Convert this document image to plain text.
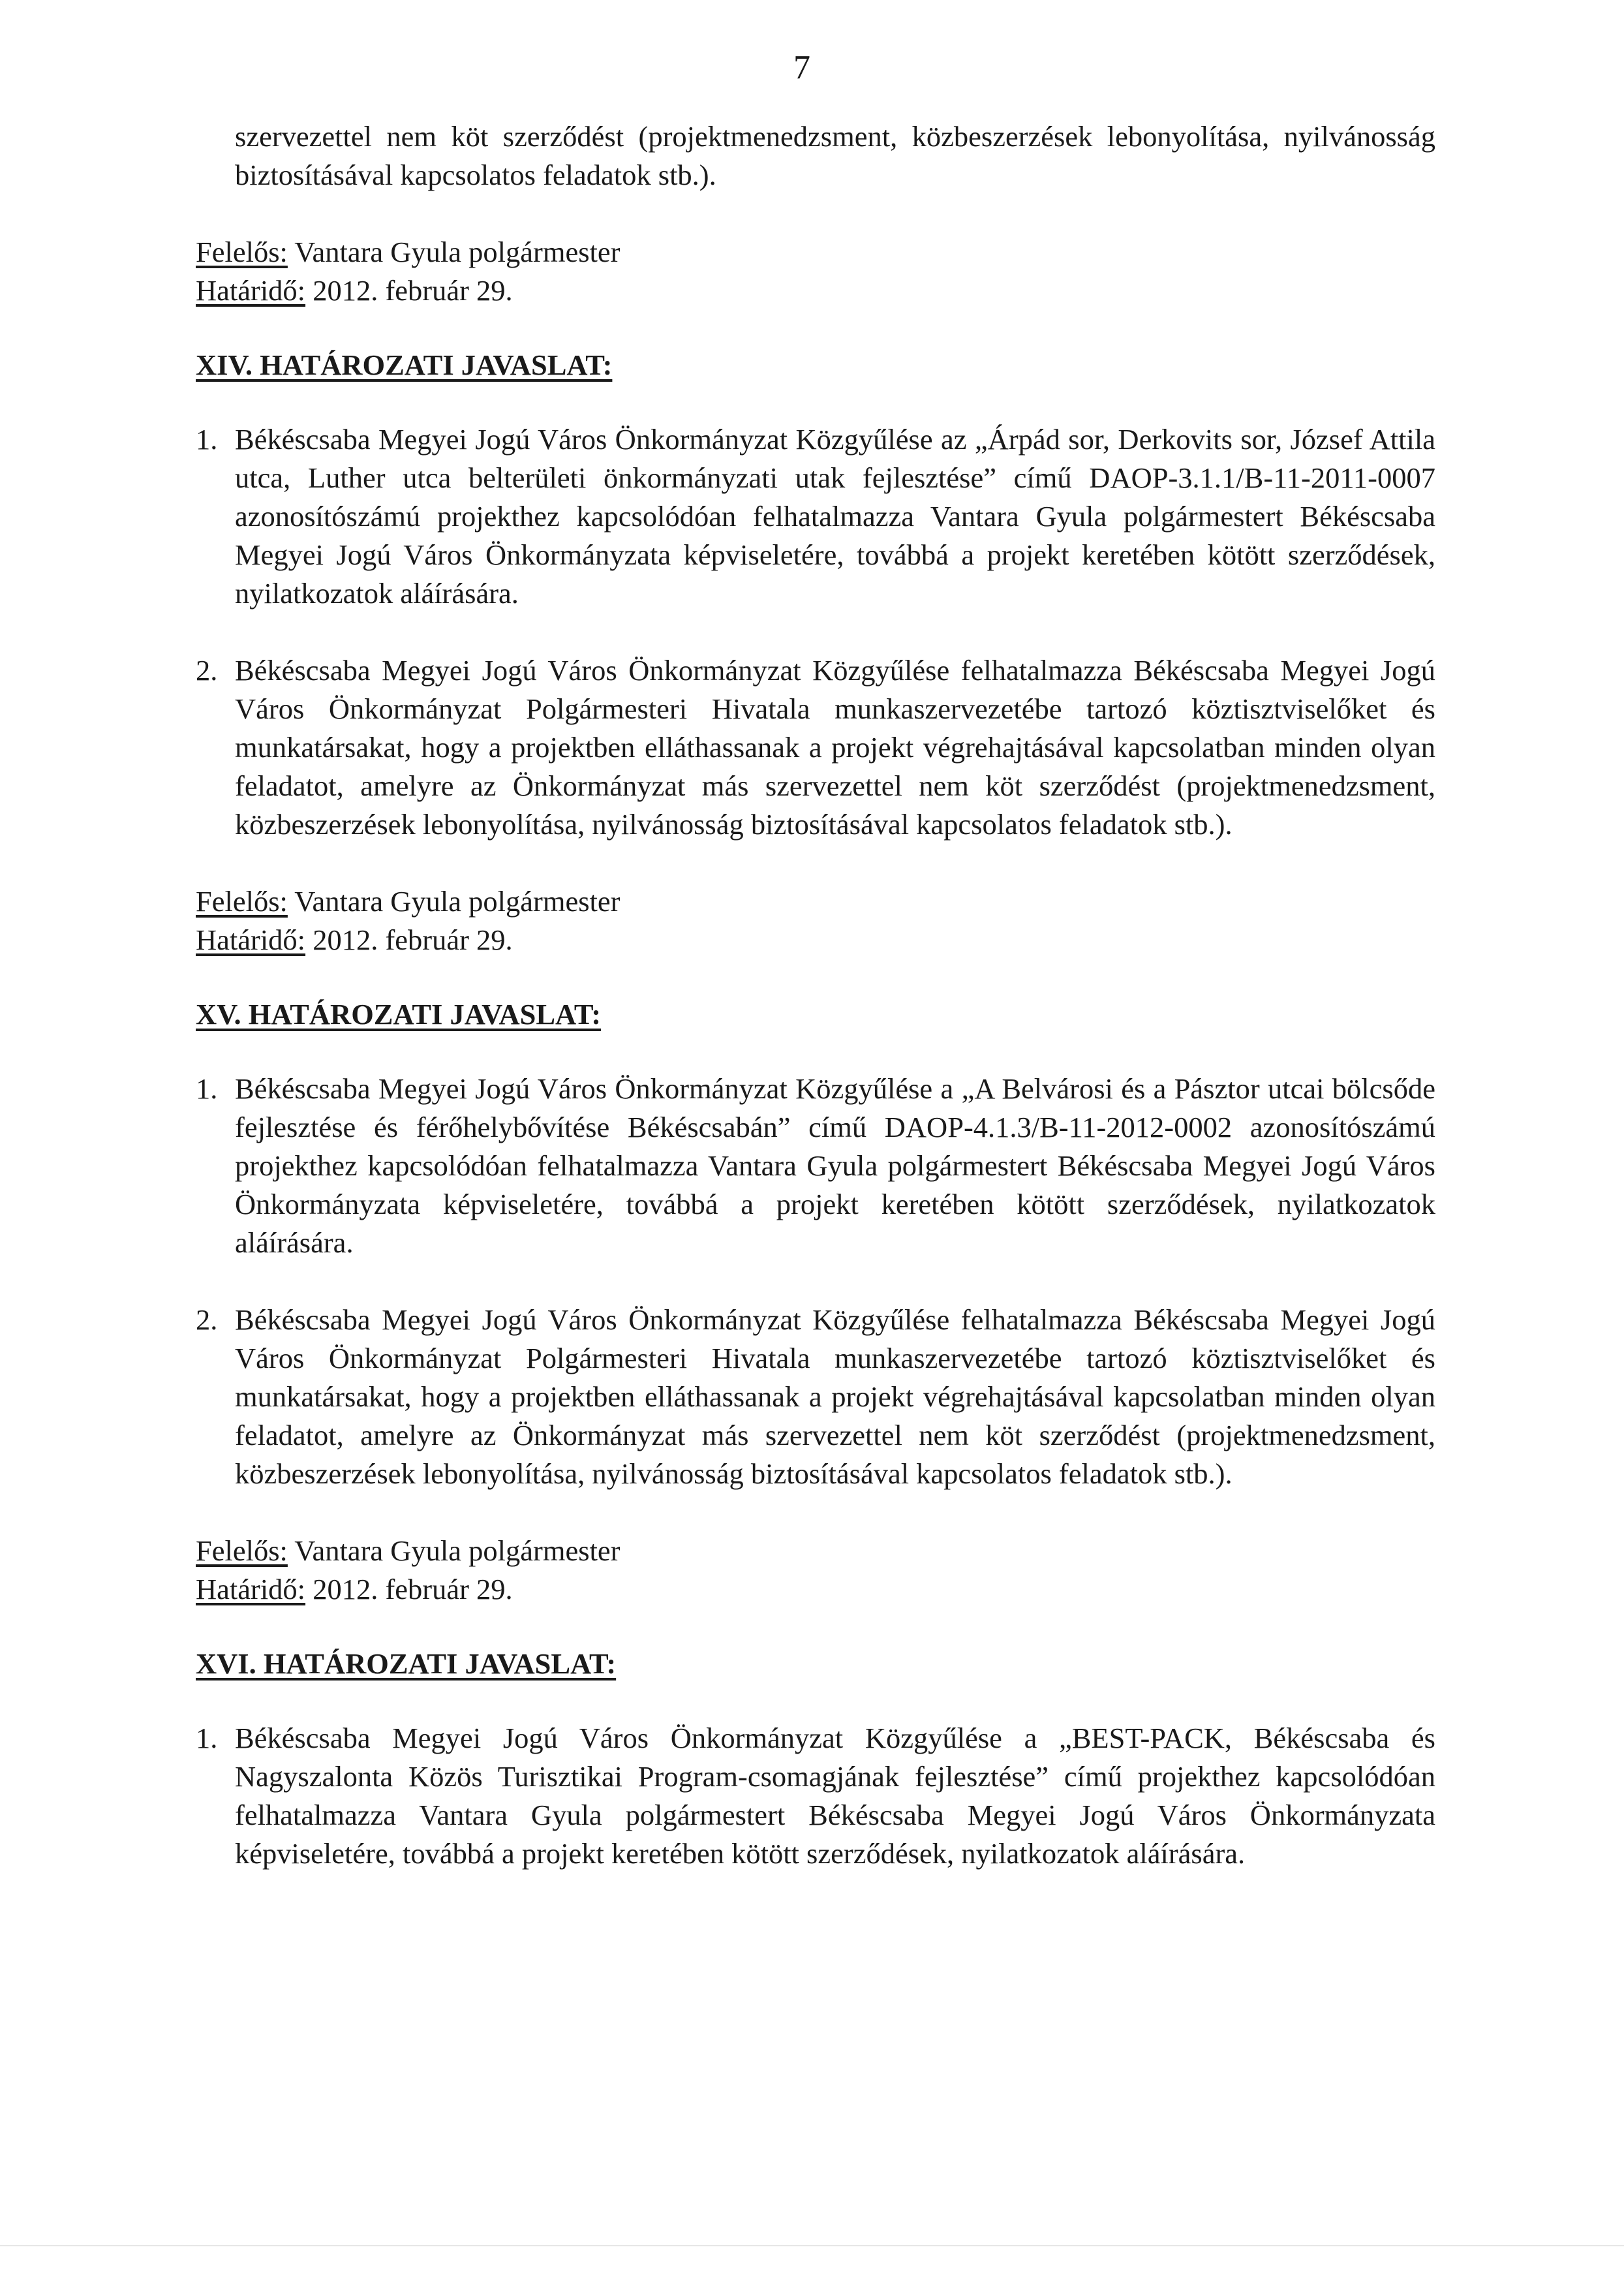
7

szervezettel nem köt szerződést (projektmenedzsment, közbeszerzések lebonyolítása, nyilvánosság biztosításával kapcsolatos feladatok stb.).

Felelős: Vantara Gyula polgármester

Határidő: 2012. február 29.

XIV. HATÁROZATI JAVASLAT:

1. Békéscsaba Megyei Jogú Város Önkormányzat Közgyűlése az „Árpád sor, Derkovits sor, József Attila utca, Luther utca belterületi önkormányzati utak fejlesztése” című DAOP-3.1.1/B-11-2011-0007 azonosítószámú projekthez kapcsolódóan felhatalmazza Vantara Gyula polgármestert Békéscsaba Megyei Jogú Város Önkormányzata képviseletére, továbbá a projekt keretében kötött szerződések, nyilatkozatok aláírására.
2. Békéscsaba Megyei Jogú Város Önkormányzat Közgyűlése felhatalmazza Békéscsaba Megyei Jogú Város Önkormányzat Polgármesteri Hivatala munkaszervezetébe tartozó köztisztviselőket és munkatársakat, hogy a projektben elláthassanak a projekt végrehajtásával kapcsolatban minden olyan feladatot, amelyre az Önkormányzat más szervezettel nem köt szerződést (projektmenedzsment, közbeszerzések lebonyolítása, nyilvánosság biztosításával kapcsolatos feladatok stb.).

Felelős: Vantara Gyula polgármester

Határidő: 2012. február 29.

XV. HATÁROZATI JAVASLAT:

1. Békéscsaba Megyei Jogú Város Önkormányzat Közgyűlése a „A Belvárosi és a Pásztor utcai bölcsőde fejlesztése és férőhelybővítése Békéscsabán” című DAOP-4.1.3/B-11-2012-0002 azonosítószámú projekthez kapcsolódóan felhatalmazza Vantara Gyula polgármestert Békéscsaba Megyei Jogú Város Önkormányzata képviseletére, továbbá a projekt keretében kötött szerződések, nyilatkozatok aláírására.
2. Békéscsaba Megyei Jogú Város Önkormányzat Közgyűlése felhatalmazza Békéscsaba Megyei Jogú Város Önkormányzat Polgármesteri Hivatala munkaszervezetébe tartozó köztisztviselőket és munkatársakat, hogy a projektben elláthassanak a projekt végrehajtásával kapcsolatban minden olyan feladatot, amelyre az Önkormányzat más szervezettel nem köt szerződést (projektmenedzsment, közbeszerzések lebonyolítása, nyilvánosság biztosításával kapcsolatos feladatok stb.).

Felelős: Vantara Gyula polgármester

Határidő: 2012. február 29.

XVI. HATÁROZATI JAVASLAT:

1. Békéscsaba Megyei Jogú Város Önkormányzat Közgyűlése a „BEST-PACK, Békéscsaba és Nagyszalonta Közös Turisztikai Program-csomagjának fejlesztése” című projekthez kapcsolódóan felhatalmazza Vantara Gyula polgármestert Békéscsaba Megyei Jogú Város Önkormányzata képviseletére, továbbá a projekt keretében kötött szerződések, nyilatkozatok aláírására.
